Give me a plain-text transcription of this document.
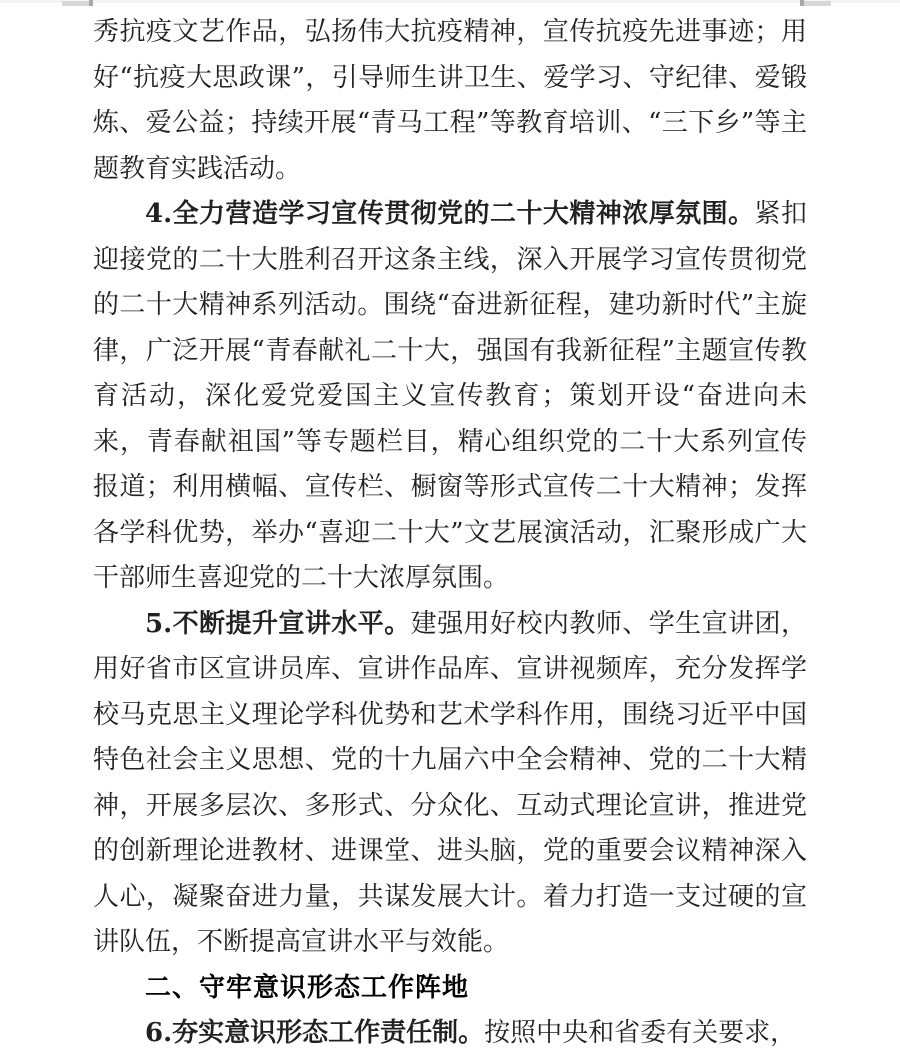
秀抗疫文艺作品，弘扬伟大抗疫精神，宣传抗疫先进事迹；用好“抗疫大思政课”，引导师生讲卫生、爱学习、守纪律、爱锻炼、爱公益；持续开展“青马工程”等教育培训、“三下乡”等主题教育实践活动。
4.全力营造学习宣传贯彻党的二十大精神浓厚氛围。紧扣迎接党的二十大胜利召开这条主线，深入开展学习宣传贯彻党的二十大精神系列活动。围绕“奋进新征程，建功新时代”主旋律，广泛开展“青春献礼二十大，强国有我新征程”主题宣传教育活动，深化爱党爱国主义宣传教育；策划开设“奋进向未来，青春献祖国”等专题栏目，精心组织党的二十大系列宣传报道；利用横幅、宣传栏、橱窗等形式宣传二十大精神；发挥各学科优势，举办“喜迎二十大”文艺展演活动，汇聚形成广大干部师生喜迎党的二十大浓厚氛围。
5.不断提升宣讲水平。建强用好校内教师、学生宣讲团，用好省市区宣讲员库、宣讲作品库、宣讲视频库，充分发挥学校马克思主义理论学科优势和艺术学科作用，围绕习近平中国特色社会主义思想、党的十九届六中全会精神、党的二十大精神，开展多层次、多形式、分众化、互动式理论宣讲，推进党的创新理论进教材、进课堂、进头脑，党的重要会议精神深入人心，凝聚奋进力量，共谋发展大计。着力打造一支过硬的宣讲队伍，不断提高宣讲水平与效能。
二、守牢意识形态工作阵地
6.夯实意识形态工作责任制。按照中央和省委有关要求，
